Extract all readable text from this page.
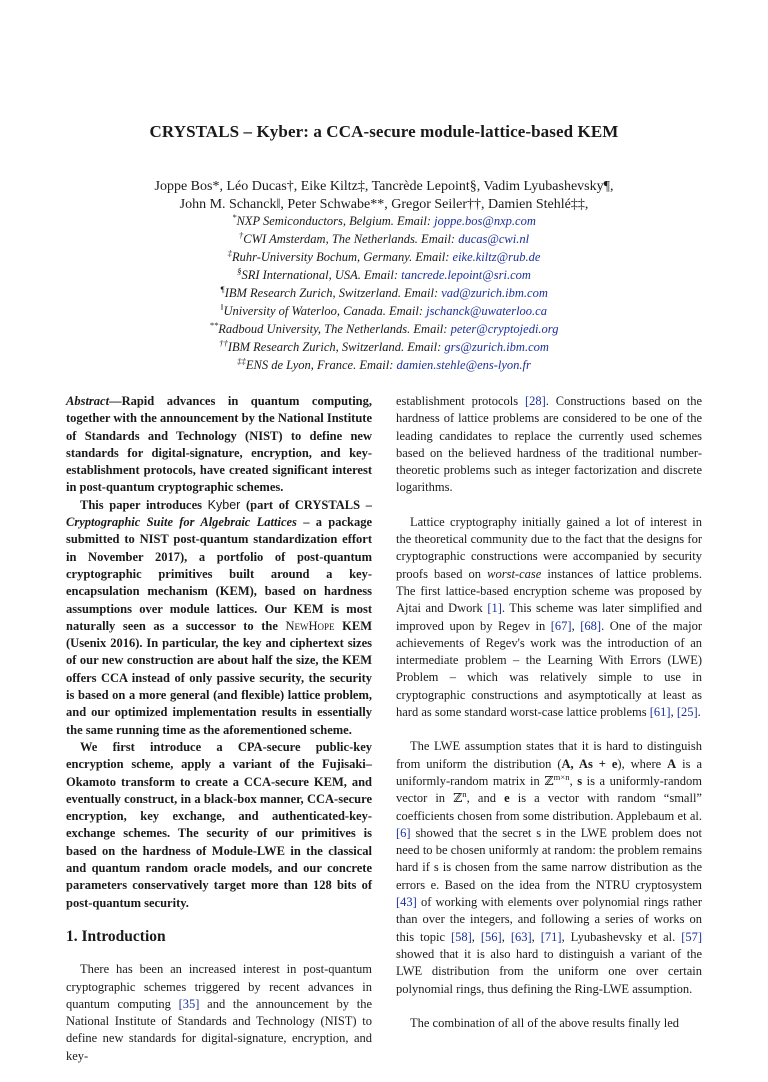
CRYSTALS – Kyber: a CCA-secure module-lattice-based KEM
Joppe Bos*, Léo Ducas†, Eike Kiltz‡, Tancrède Lepoint§, Vadim Lyubashevsky¶,
John M. Schanck‖, Peter Schwabe**, Gregor Seiler††, Damien Stehlé‡‡,
*NXP Semiconductors, Belgium. Email: joppe.bos@nxp.com
†CWI Amsterdam, The Netherlands. Email: ducas@cwi.nl
‡Ruhr-University Bochum, Germany. Email: eike.kiltz@rub.de
§SRI International, USA. Email: tancrede.lepoint@sri.com
¶IBM Research Zurich, Switzerland. Email: vad@zurich.ibm.com
‖University of Waterloo, Canada. Email: jschanck@uwaterloo.ca
**Radboud University, The Netherlands. Email: peter@cryptojedi.org
††IBM Research Zurich, Switzerland. Email: grs@zurich.ibm.com
‡‡ENS de Lyon, France. Email: damien.stehle@ens-lyon.fr

Abstract—Rapid advances in quantum computing, together with the announcement by the National Institute of Standards and Technology (NIST) to define new standards for digital-signature, encryption, and key-establishment protocols, have created significant interest in post-quantum cryptographic schemes.

This paper introduces Kyber (part of CRYSTALS – Cryptographic Suite for Algebraic Lattices – a package submitted to NIST post-quantum standardization effort in November 2017), a portfolio of post-quantum cryptographic primitives built around a key-encapsulation mechanism (KEM), based on hardness assumptions over module lattices. Our KEM is most naturally seen as a successor to the NewHope KEM (Usenix 2016). In particular, the key and ciphertext sizes of our new construction are about half the size, the KEM offers CCA instead of only passive security, the security is based on a more general (and flexible) lattice problem, and our optimized implementation results in essentially the same running time as the aforementioned scheme.

We first introduce a CPA-secure public-key encryption scheme, apply a variant of the Fujisaki–Okamoto transform to create a CCA-secure KEM, and eventually construct, in a black-box manner, CCA-secure encryption, key exchange, and authenticated-key-exchange schemes. The security of our primitives is based on the hardness of Module-LWE in the classical and quantum random oracle models, and our concrete parameters conservatively target more than 128 bits of post-quantum security.

1. Introduction

There has been an increased interest in post-quantum cryptographic schemes triggered by recent advances in quantum computing [35] and the announcement by the National Institute of Standards and Technology (NIST) to define new standards for digital-signature, encryption, and key-

establishment protocols [28]. Constructions based on the hardness of lattice problems are considered to be one of the leading candidates to replace the currently used schemes based on the believed hardness of the traditional number-theoretic problems such as integer factorization and discrete logarithms.

Lattice cryptography initially gained a lot of interest in the theoretical community due to the fact that the designs for cryptographic constructions were accompanied by security proofs based on worst-case instances of lattice problems. The first lattice-based encryption scheme was proposed by Ajtai and Dwork [1]. This scheme was later simplified and improved upon by Regev in [67], [68]. One of the major achievements of Regev's work was the introduction of an intermediate problem – the Learning With Errors (LWE) Problem – which was relatively simple to use in cryptographic constructions and asymptotically at least as hard as some standard worst-case lattice problems [61], [25].

The LWE assumption states that it is hard to distinguish from uniform the distribution (A, As + e), where A is a uniformly-random matrix in ℤ$^{m\times n}$, s is a uniformly-random vector in ℤ$^n$, and e is a vector with random “small” coefficients chosen from some distribution. Applebaum et al. [6] showed that the secret s in the LWE problem does not need to be chosen uniformly at random: the problem remains hard if s is chosen from the same narrow distribution as the errors e. Based on the idea from the NTRU cryptosystem [43] of working with elements over polynomial rings rather than over the integers, and following a series of works on this topic [58], [56], [63], [71], Lyubashevsky et al. [57] showed that it is also hard to distinguish a variant of the LWE distribution from the uniform one over certain polynomial rings, thus defining the Ring-LWE assumption.

The combination of all of the above results finally led
